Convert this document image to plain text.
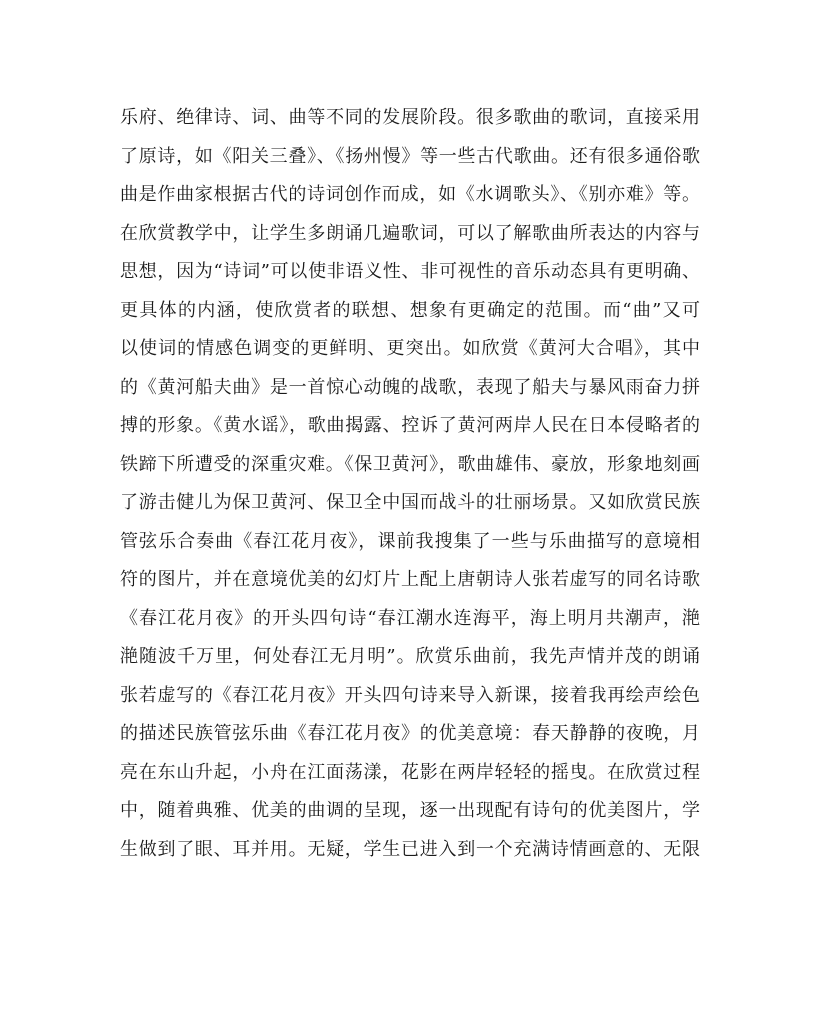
乐府、绝律诗、词、曲等不同的发展阶段。很多歌曲的歌词，直接采用
了原诗，如《阳关三叠》、《扬州慢》等一些古代歌曲。还有很多通俗歌
曲是作曲家根据古代的诗词创作而成，如《水调歌头》、《别亦难》等。
在欣赏教学中，让学生多朗诵几遍歌词，可以了解歌曲所表达的内容与
思想，因为“诗词”可以使非语义性、非可视性的音乐动态具有更明确、
更具体的内涵，使欣赏者的联想、想象有更确定的范围。而“曲”又可
以使词的情感色调变的更鲜明、更突出。如欣赏《黄河大合唱》，其中
的《黄河船夫曲》是一首惊心动魄的战歌，表现了船夫与暴风雨奋力拼
搏的形象。《黄水谣》，歌曲揭露、控诉了黄河两岸人民在日本侵略者的
铁蹄下所遭受的深重灾难。《保卫黄河》，歌曲雄伟、豪放，形象地刻画
了游击健儿为保卫黄河、保卫全中国而战斗的壮丽场景。又如欣赏民族
管弦乐合奏曲《春江花月夜》，课前我搜集了一些与乐曲描写的意境相
符的图片，并在意境优美的幻灯片上配上唐朝诗人张若虚写的同名诗歌
《春江花月夜》的开头四句诗“春江潮水连海平，海上明月共潮声，滟
滟随波千万里，何处春江无月明”。欣赏乐曲前，我先声情并茂的朗诵
张若虚写的《春江花月夜》开头四句诗来导入新课，接着我再绘声绘色
的描述民族管弦乐曲《春江花月夜》的优美意境：春天静静的夜晚，月
亮在东山升起，小舟在江面荡漾，花影在两岸轻轻的摇曳。在欣赏过程
中，随着典雅、优美的曲调的呈现，逐一出现配有诗句的优美图片，学
生做到了眼、耳并用。无疑，学生已进入到一个充满诗情画意的、无限
